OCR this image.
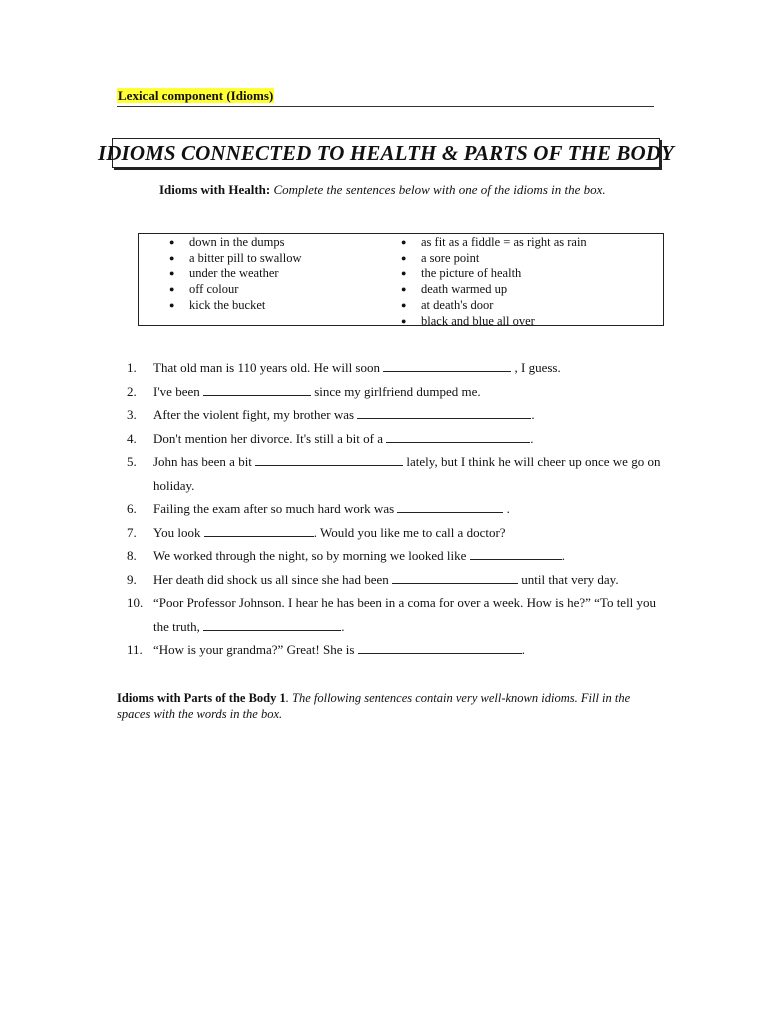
Lexical component (Idioms)
IDIOMS CONNECTED TO HEALTH & PARTS OF THE BODY
Idioms with Health: Complete the sentences below with one of the idioms in the box.
● down in the dumps
● a bitter pill to swallow
● under the weather
● off colour
● kick the bucket
● as fit as a fiddle = as right as rain
● a sore point
● the picture of health
● death warmed up
● at death's door
● black and blue all over
1.	That old man is 110 years old. He will soon	, I guess.
2.	I've been	since my girlfriend dumped me.
3.	After the violent fight, my brother was	.
4.	Don't mention her divorce. It's still a bit of a	.
5.	John has been a bit	lately, but I think he will cheer up once we go on holiday.
6.	Failing the exam after so much hard work was	.
7.	You look	. Would you like me to call a doctor?
8.	We worked through the night, so by morning we looked like	.
9.	Her death did shock us all since she had been	until that very day.
10. “Poor Professor Johnson. I hear he has been in a coma for over a week. How is he?” “To tell you the truth,	.
11. “How is your grandma?” Great! She is	.
Idioms with Parts of the Body 1. The following sentences contain very well-known idioms. Fill in the spaces with the words in the box.
